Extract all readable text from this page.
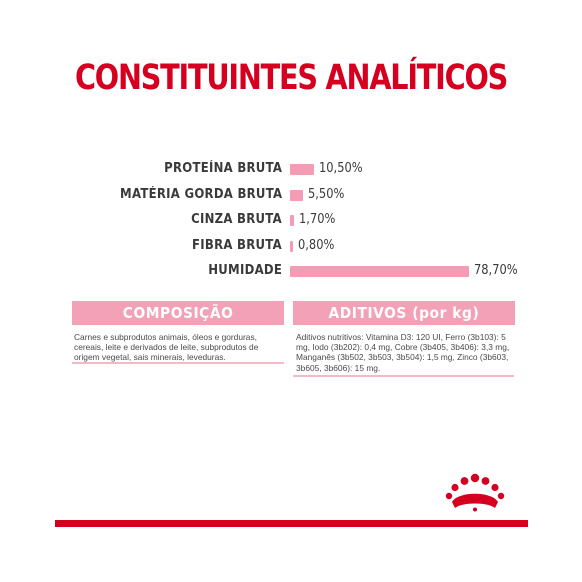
CONSTITUINTES ANALÍTICOS
PROTEÍNA BRUTA	10,50%
MATÉRIA GORDA BRUTA 5,50%
CINZA BRUTA 1,70%
FIBRA BRUTA 0,80%
HUMIDADE	78,70%
COMPOSIÇÃO
Carnes e subprodutos animais, óleos e gorduras, cereais, leite e derivados de leite, subprodutos de origem vegetal, sais minerais, leveduras.
ADITIVOS (por kg)
Aditivos nutritivos: Vitamina D3: 120 UI, Ferro (3b103): 5 mg, Iodo (3b202): 0,4 mg, Cobre (3b405, 3b406): 3,3 mg, Manganês (3b502, 3b503, 3b504): 1,5 mg, Zinco (3b603, 3b605, 3b606): 15 mg.
